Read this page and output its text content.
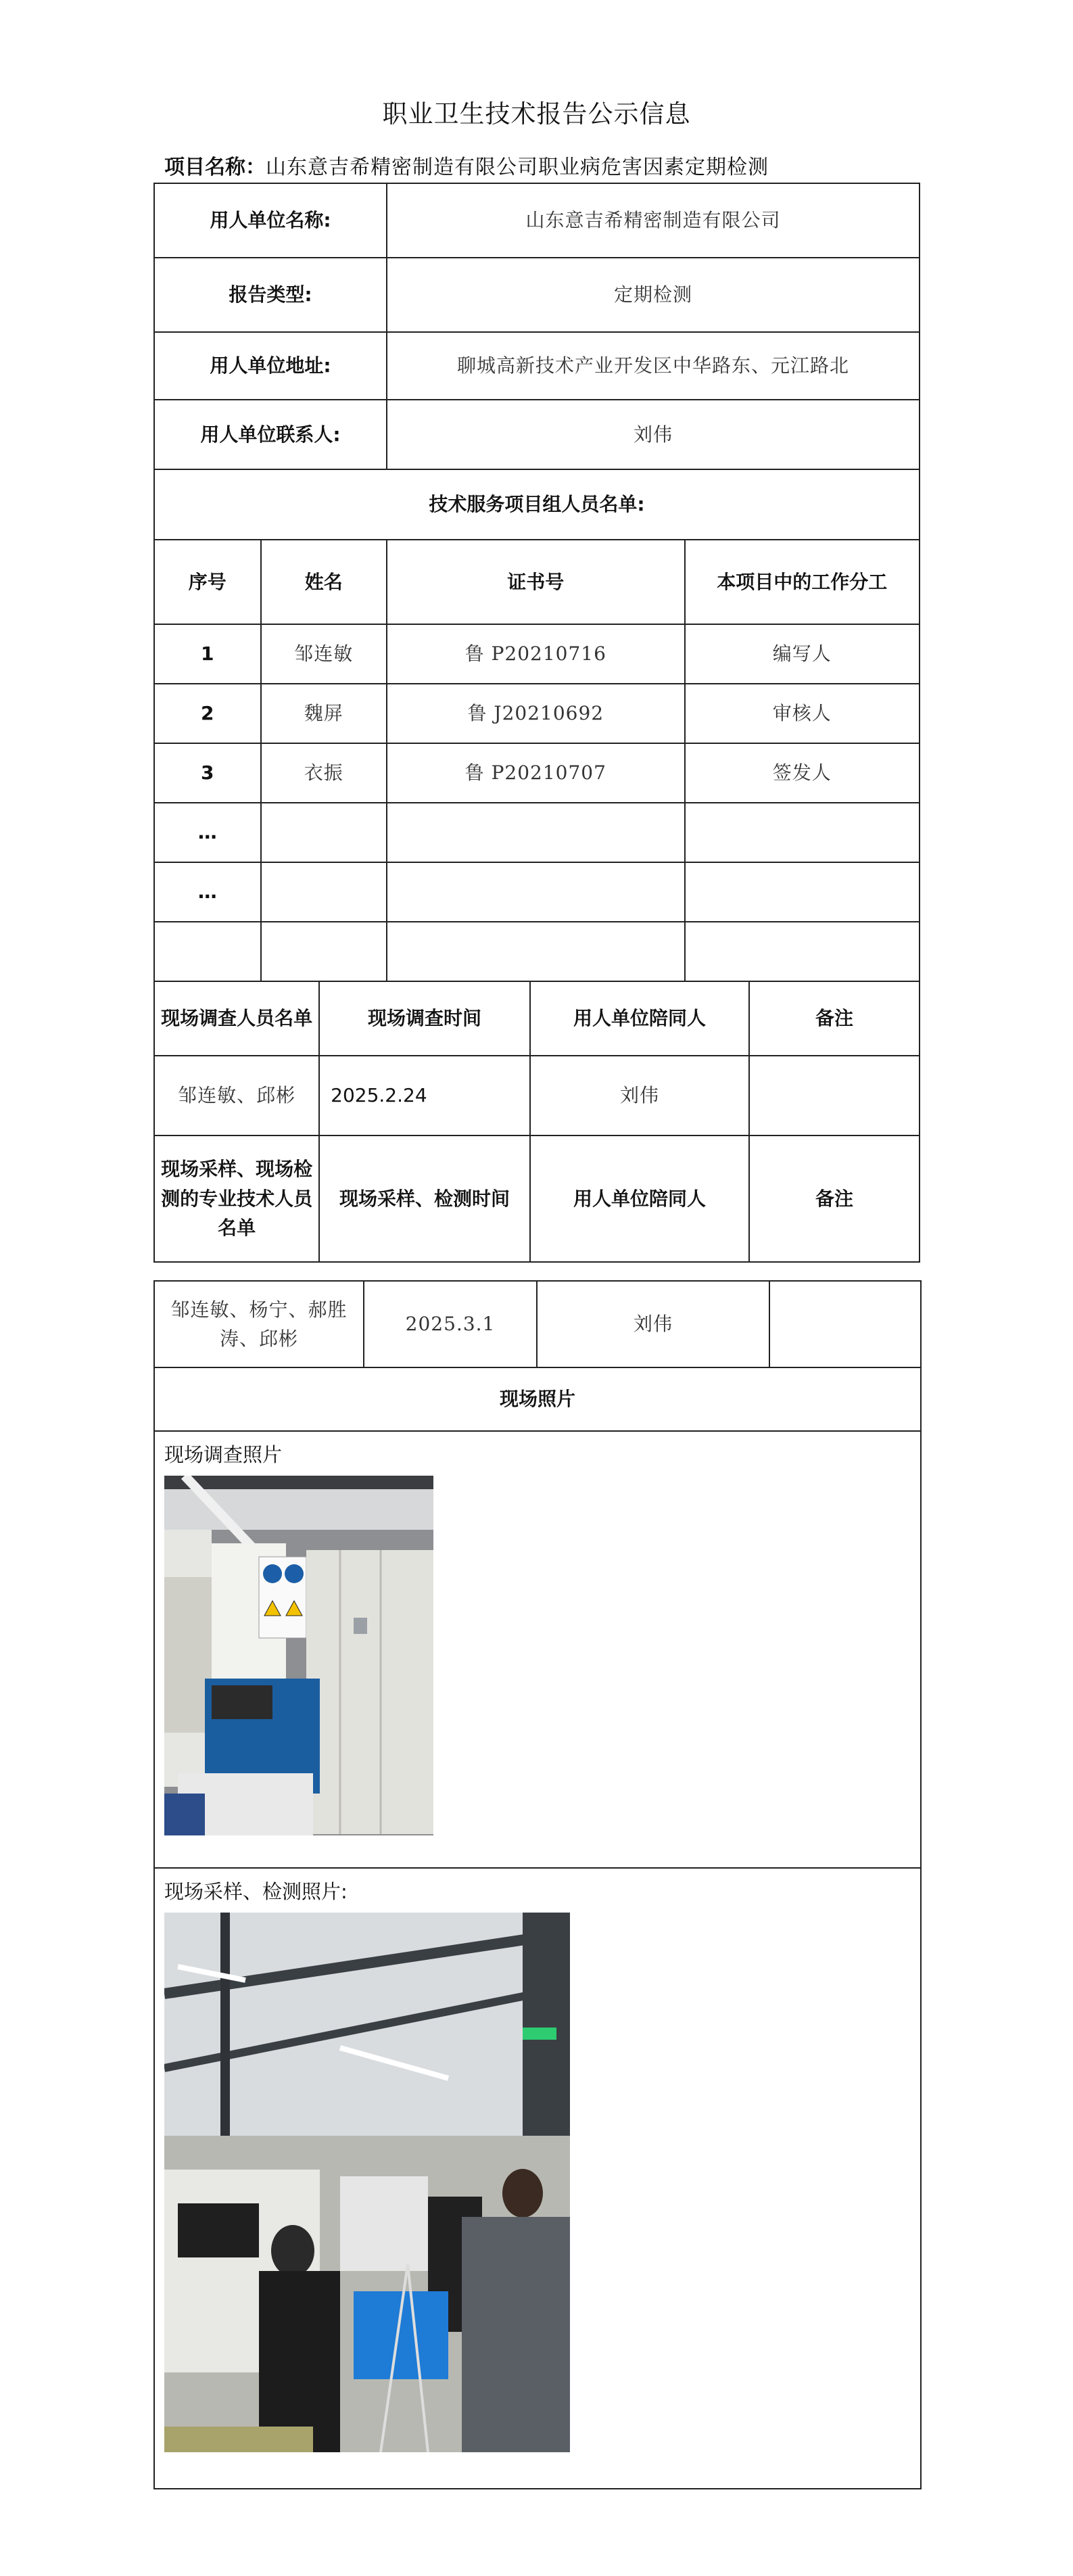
职业卫生技术报告公示信息
项目名称：山东意吉希精密制造有限公司职业病危害因素定期检测
用人单位名称:			山东意吉希精密制造有限公司			
报告类型:			定期检测			
用人单位地址:			聊城高新技术产业开发区中华路东、元江路北			
用人单位联系人:			刘伟			
技术服务项目组人员名单:						
序号	姓名		证书号		本项目中的工作分工	
1	邹连敏		鲁 P20210716		编写人	
2	魏屏		鲁 J20210692		审核人	
3	衣振		鲁 P20210707		签发人	
…						
…						

现场调查人员名单		现场调查时间		用人单位陪同人		备注
邹连敏、邱彬		2025.2.24		刘伟		
现场采样、现场检测的专业技术人员名单		现场采样、检测时间		用人单位陪同人		备注
邹连敏、杨宁、郝胜涛、邱彬	2025.3.1	刘伟	
现场照片

现场调查照片

现场采样、检测照片:
